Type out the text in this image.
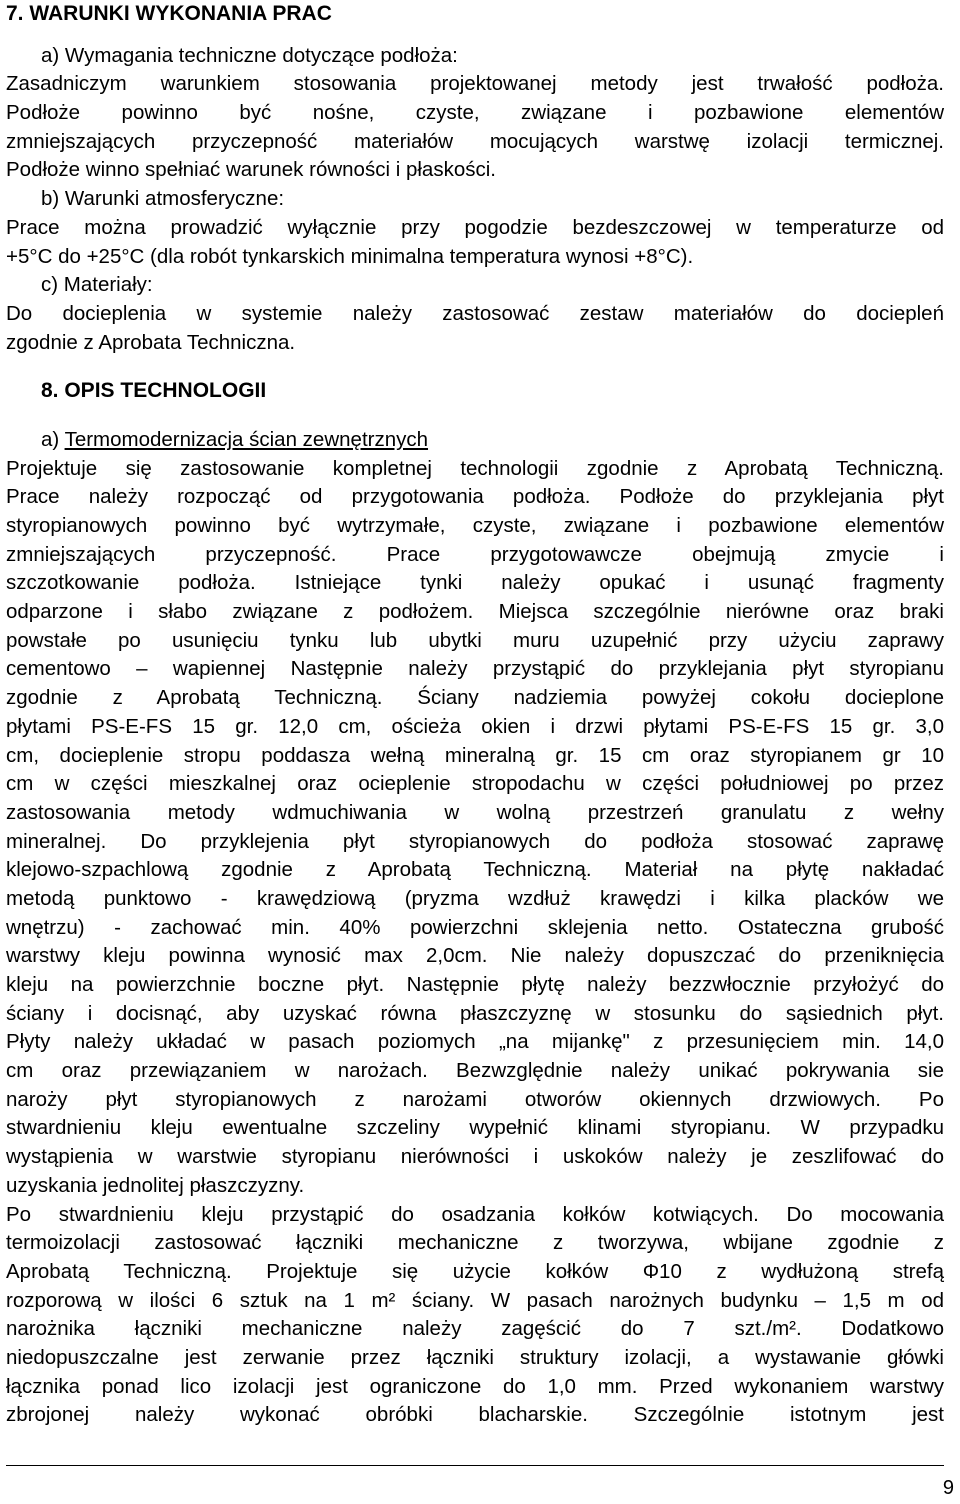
7. WARUNKI WYKONANIA PRAC
a) Wymagania techniczne dotyczące podłoża:
Zasadniczym warunkiem stosowania projektowanej metody jest trwałość podłoża.
Podłoże powinno być nośne, czyste, związane i pozbawione elementów
zmniejszających przyczepność materiałów mocujących warstwę izolacji termicznej.
Podłoże winno spełniać warunek równości i płaskości.
b) Warunki atmosferyczne:
Prace można prowadzić wyłącznie przy pogodzie bezdeszczowej w temperaturze od
+5°C do +25°C (dla robót tynkarskich minimalna temperatura wynosi +8°C).
c) Materiały:
Do docieplenia w systemie należy zastosować zestaw materiałów do dociepleń
zgodnie z Aprobata Techniczna.
8. OPIS TECHNOLOGII
a) Termomodernizacja ścian zewnętrznych
Projektuje się zastosowanie kompletnej technologii zgodnie z Aprobatą Techniczną.
Prace należy rozpocząć od przygotowania podłoża. Podłoże do przyklejania płyt
styropianowych powinno być wytrzymałe, czyste, związane i pozbawione elementów
zmniejszających przyczepność. Prace przygotowawcze obejmują zmycie i
szczotkowanie podłoża. Istniejące tynki należy opukać i usunąć fragmenty
odparzone i słabo związane z podłożem. Miejsca szczególnie nierówne oraz braki
powstałe po usunięciu tynku lub ubytki muru uzupełnić przy użyciu zaprawy
cementowo – wapiennej Następnie należy przystąpić do przyklejania płyt styropianu
zgodnie z Aprobatą Techniczną. Ściany nadziemia powyżej cokołu docieplone
płytami PS-E-FS 15 gr. 12,0 cm, ościeża okien i drzwi płytami PS-E-FS 15 gr. 3,0
cm, docieplenie stropu poddasza wełną mineralną gr. 15 cm oraz styropianem gr 10
cm w części mieszkalnej oraz ocieplenie stropodachu w części południowej po przez
zastosowania metody wdmuchiwania w wolną przestrzeń granulatu z wełny
mineralnej. Do przyklejenia płyt styropianowych do podłoża stosować zaprawę
klejowo-szpachlową zgodnie z Aprobatą Techniczną. Materiał na płytę nakładać
metodą punktowo - krawędziową (pryzma wzdłuż krawędzi i kilka placków we
wnętrzu) - zachować min. 40% powierzchni sklejenia netto. Ostateczna grubość
warstwy kleju powinna wynosić max 2,0cm. Nie należy dopuszczać do przeniknięcia
kleju na powierzchnie boczne płyt. Następnie płytę należy bezzwłocznie przyłożyć do
ściany i docisnąć, aby uzyskać równa płaszczyznę w stosunku do sąsiednich płyt.
Płyty należy układać w pasach poziomych „na mijankę" z przesunięciem min. 14,0
cm oraz przewiązaniem w narożach. Bezwzględnie należy unikać pokrywania sie
naroży płyt styropianowych z narożami otworów okiennych drzwiowych. Po
stwardnieniu kleju ewentualne szczeliny wypełnić klinami styropianu. W przypadku
wystąpienia w warstwie styropianu nierówności i uskoków należy je zeszlifować do
uzyskania jednolitej płaszczyzny.
Po stwardnieniu kleju przystąpić do osadzania kołków kotwiących. Do mocowania
termoizolacji zastosować łączniki mechaniczne z tworzywa, wbijane zgodnie z
Aprobatą Techniczną. Projektuje się użycie kołków Φ10 z wydłużoną strefą
rozporową w ilości 6 sztuk na 1 m² ściany. W pasach narożnych budynku – 1,5 m od
narożnika łączniki mechaniczne należy zagęścić do 7 szt./m². Dodatkowo
niedopuszczalne jest zerwanie przez łączniki struktury izolacji, a wystawanie główki
łącznika ponad lico izolacji jest ograniczone do 1,0 mm. Przed wykonaniem warstwy
zbrojonej należy wykonać obróbki blacharskie. Szczególnie istotnym jest
9
